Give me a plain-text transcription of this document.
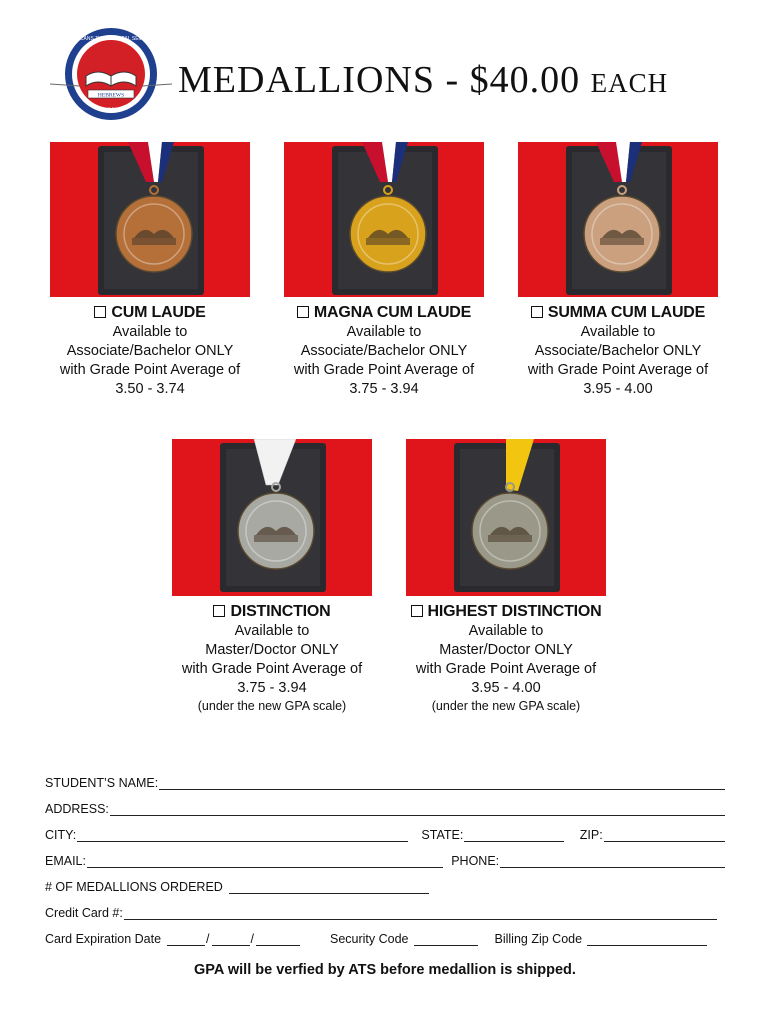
AMERICANS THEOLOGICAL SEMINARY
HEBREWS
1968
MEDALLIONS - $40.00 each
CUM LAUDE
Available to
Associate/Bachelor ONLY
with Grade Point Average of
3.50 - 3.74
MAGNA CUM LAUDE
Available to
Associate/Bachelor ONLY
with Grade Point Average of
3.75 - 3.94
SUMMA CUM LAUDE
Available to
Associate/Bachelor ONLY
with Grade Point Average of
3.95 - 4.00
DISTINCTION
Available to
Master/Doctor ONLY
with Grade Point Average of
3.75 - 3.94
(under the new GPA scale)
HIGHEST DISTINCTION
Available to
Master/Doctor ONLY
with Grade Point Average of
3.95 - 4.00
(under the new GPA scale)
STUDENT’S NAME:
ADDRESS:
CITY:	STATE:	ZIP:
EMAIL:	PHONE:
# OF MEDALLIONS ORDERED
Credit Card #:
Card Expiration Date	/	/	Security Code	Billing Zip Code
GPA will be verfied by ATS before medallion is shipped.
